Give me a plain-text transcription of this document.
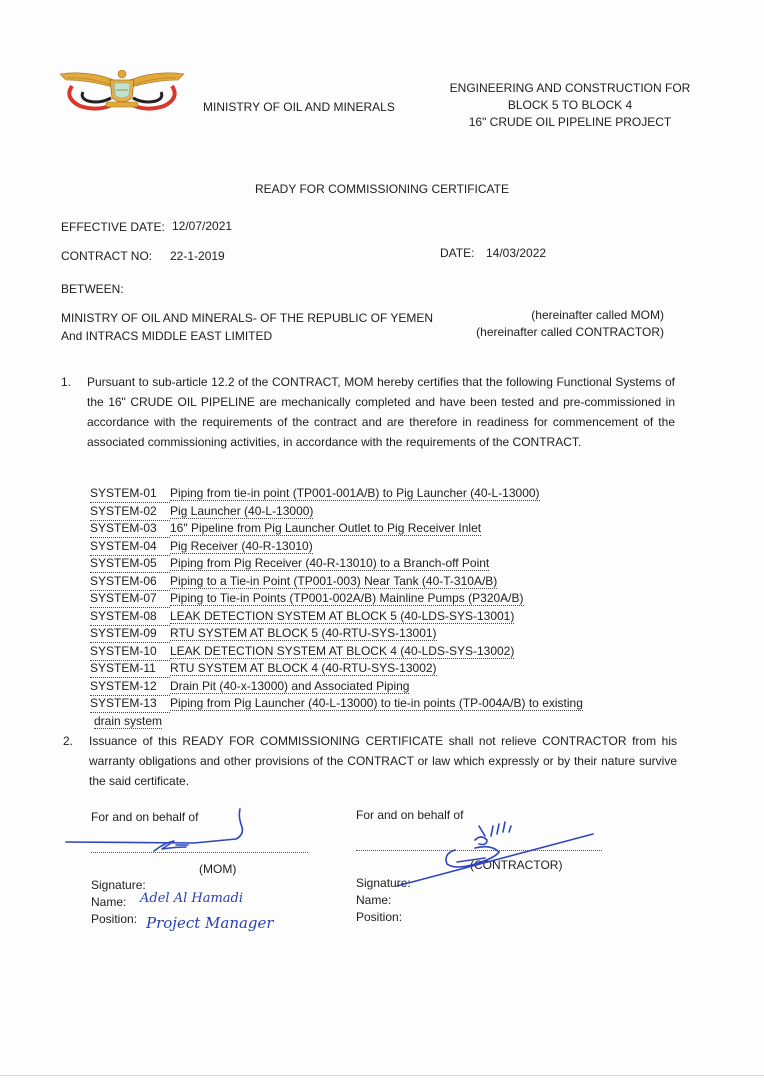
MINISTRY OF OIL AND MINERALS
ENGINEERING AND CONSTRUCTION FOR
BLOCK 5 TO BLOCK 4
16" CRUDE OIL PIPELINE PROJECT
READY FOR COMMISSIONING CERTIFICATE
EFFECTIVE DATE: 12/07/2021
CONTRACT NO: 22-1-2019	DATE: 14/03/2022
BETWEEN:
MINISTRY OF OIL AND MINERALS- OF THE REPUBLIC OF YEMEN	(hereinafter called MOM)
And INTRACS MIDDLE EAST LIMITED	(hereinafter called CONTRACTOR)
1. Pursuant to sub-article 12.2 of the CONTRACT, MOM hereby certifies that the following Functional Systems of the 16" CRUDE OIL PIPELINE are mechanically completed and have been tested and pre-commissioned in accordance with the requirements of the contract and are therefore in readiness for commencement of the associated commissioning activities, in accordance with the requirements of the CONTRACT.
SYSTEM-01 Piping from tie-in point (TP001-001A/B) to Pig Launcher (40-L-13000)
SYSTEM-02 Pig Launcher (40-L-13000)
SYSTEM-03 16" Pipeline from Pig Launcher Outlet to Pig Receiver Inlet
SYSTEM-04 Pig Receiver (40-R-13010)
SYSTEM-05 Piping from Pig Receiver (40-R-13010) to a Branch-off Point
SYSTEM-06 Piping to a Tie-in Point (TP001-003) Near Tank (40-T-310A/B)
SYSTEM-07 Piping to Tie-in Points (TP001-002A/B) Mainline Pumps (P320A/B)
SYSTEM-08 LEAK DETECTION SYSTEM AT BLOCK 5 (40-LDS-SYS-13001)
SYSTEM-09 RTU SYSTEM AT BLOCK 5 (40-RTU-SYS-13001)
SYSTEM-10 LEAK DETECTION SYSTEM AT BLOCK 4 (40-LDS-SYS-13002)
SYSTEM-11 RTU SYSTEM AT BLOCK 4 (40-RTU-SYS-13002)
SYSTEM-12 Drain Pit (40-x-13000) and Associated Piping
SYSTEM-13 Piping from Pig Launcher (40-L-13000) to tie-in points (TP-004A/B) to existing
drain system
2. Issuance of this READY FOR COMMISSIONING CERTIFICATE shall not relieve CONTRACTOR from his warranty obligations and other provisions of the CONTRACT or law which expressly or by their nature survive the said certificate.
For and on behalf of
(MOM)
Signature:
Name: Adel Al Hamadi
Position: Project Manager
For and on behalf of
(CONTRACTOR)
Signature:
Name:
Position:
